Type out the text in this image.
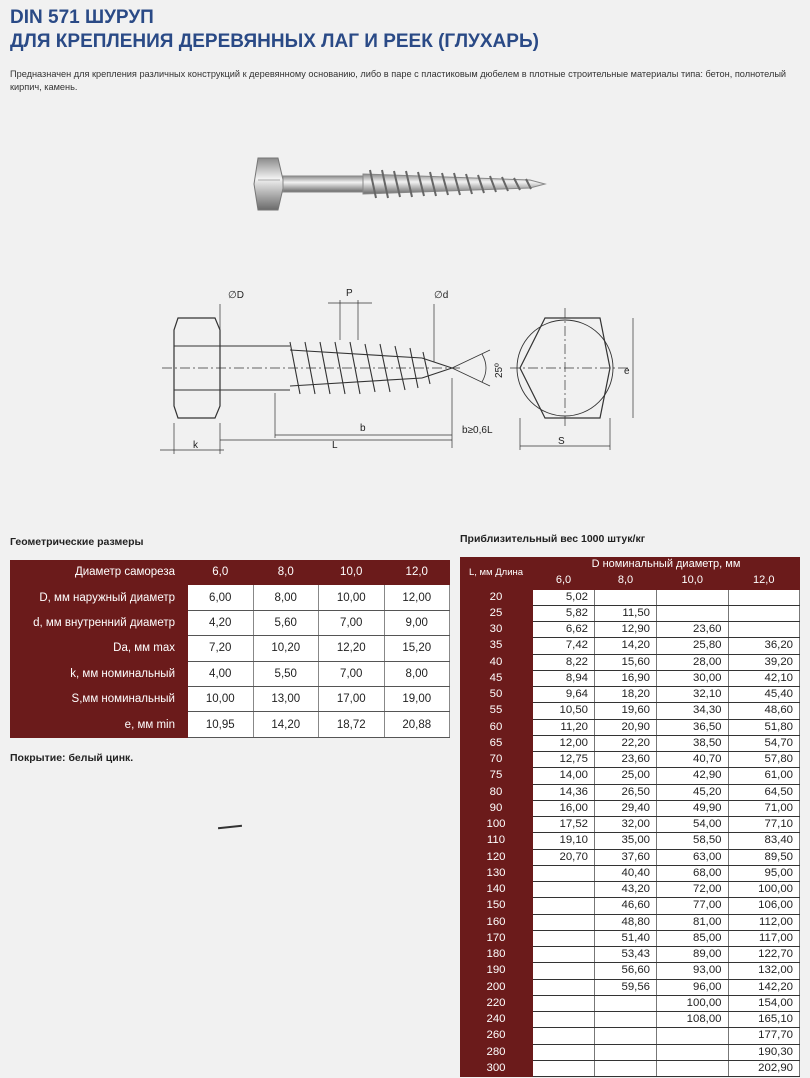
DIN 571 ШУРУП
ДЛЯ КРЕПЛЕНИЯ ДЕРЕВЯННЫХ ЛАГ И РЕЕК (ГЛУХАРЬ)
Предназначен для крепления различных конструкций к деревянному основанию, либо в паре с пластиковым дюбелем в плотные строительные материалы типа: бетон, полнотелый кирпич, камень.
∅D	P	∅d
k	L
b	b≥0,6L
25º	e
S
Геометрические размеры
Диаметр самореза	6,0	8,0	10,0	12,0
D, мм наружный диаметр	6,00	8,00	10,00	12,00
d, мм внутренний диаметр	4,20	5,60	7,00	9,00
Da, мм max	7,20	10,20	12,20	15,20
k, мм номинальный	4,00	5,50	7,00	8,00
S,мм номинальный	10,00	13,00	17,00	19,00
e, мм min	10,95	14,20	18,72	20,88
Покрытие: белый цинк.
Приблизительный вес 1000 штук/кг
L, мм Длина	D номинальный диаметр, мм			
	6,0	8,0	10,0	12,0
20	5,02			
25	5,82	11,50		
30	6,62	12,90	23,60	
35	7,42	14,20	25,80	36,20
40	8,22	15,60	28,00	39,20
45	8,94	16,90	30,00	42,10
50	9,64	18,20	32,10	45,40
55	10,50	19,60	34,30	48,60
60	11,20	20,90	36,50	51,80
65	12,00	22,20	38,50	54,70
70	12,75	23,60	40,70	57,80
75	14,00	25,00	42,90	61,00
80	14,36	26,50	45,20	64,50
90	16,00	29,40	49,90	71,00
100	17,52	32,00	54,00	77,10
110	19,10	35,00	58,50	83,40
120	20,70	37,60	63,00	89,50
130		40,40	68,00	95,00
140		43,20	72,00	100,00
150		46,60	77,00	106,00
160		48,80	81,00	112,00
170		51,40	85,00	117,00
180		53,43	89,00	122,70
190		56,60	93,00	132,00
200		59,56	96,00	142,20
220			100,00	154,00
240			108,00	165,10
260				177,70
280				190,30
300				202,90
